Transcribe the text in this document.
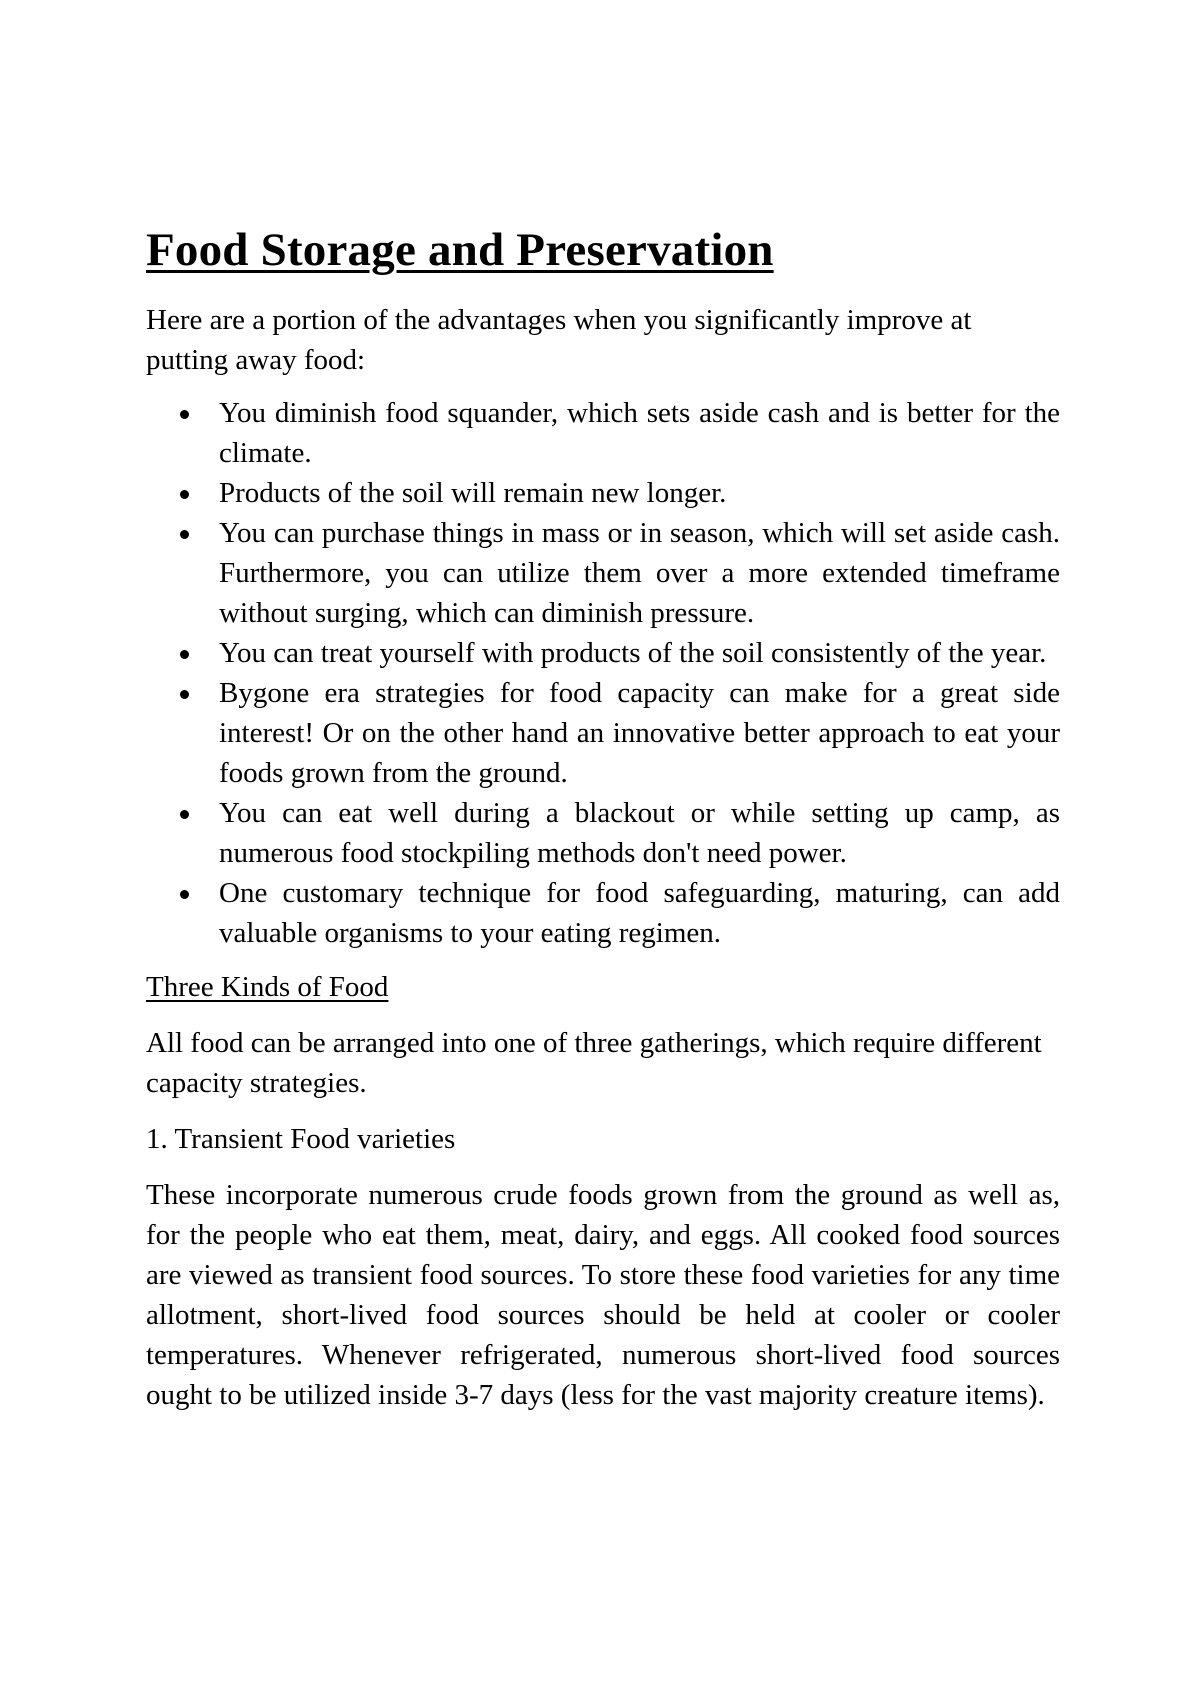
Food Storage and Preservation

Here are a portion of the advantages when you significantly improve at putting away food:

You diminish food squander, which sets aside cash and is better for the climate.
Products of the soil will remain new longer.
You can purchase things in mass or in season, which will set aside cash. Furthermore, you can utilize them over a more extended timeframe without surging, which can diminish pressure.
You can treat yourself with products of the soil consistently of the year.
Bygone era strategies for food capacity can make for a great side interest! Or on the other hand an innovative better approach to eat your foods grown from the ground.
You can eat well during a blackout or while setting up camp, as numerous food stockpiling methods don't need power.
One customary technique for food safeguarding, maturing, can add valuable organisms to your eating regimen.
Three Kinds of Food

All food can be arranged into one of three gatherings, which require different capacity strategies.

1. Transient Food varieties

These incorporate numerous crude foods grown from the ground as well as, for the people who eat them, meat, dairy, and eggs. All cooked food sources are viewed as transient food sources. To store these food varieties for any time allotment, short-lived food sources should be held at cooler or cooler temperatures. Whenever refrigerated, numerous short-lived food sources ought to be utilized inside 3-7 days (less for the vast majority creature items).
